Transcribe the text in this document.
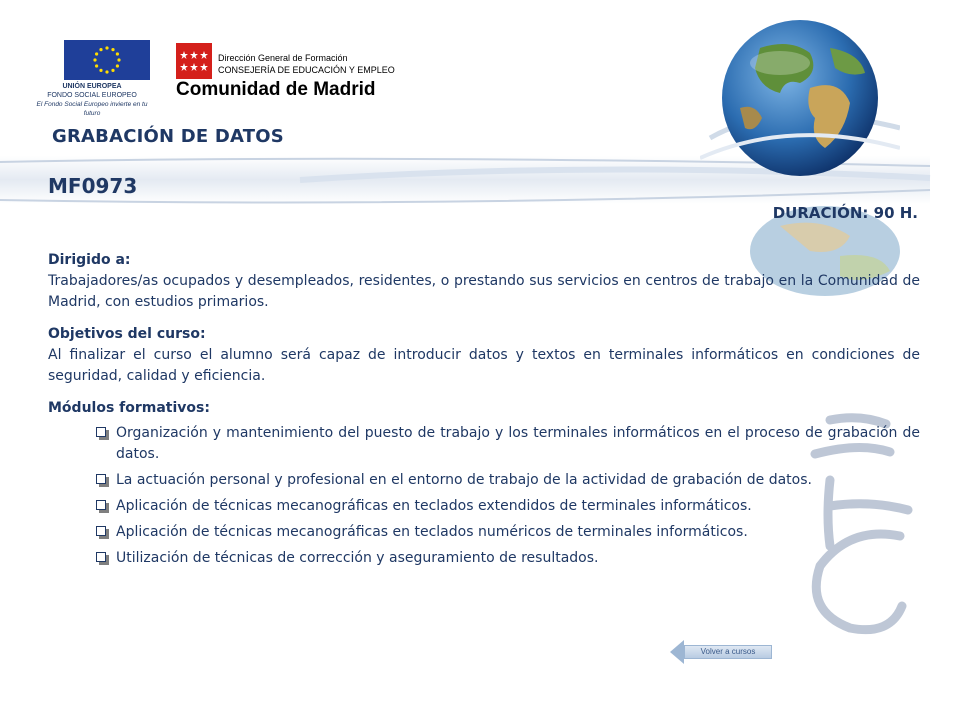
UNIÓN EUROPEA
FONDO SOCIAL EUROPEO
El Fondo Social Europeo invierte en tu futuro
Dirección General de Formación
CONSEJERÍA DE EDUCACIÓN Y EMPLEO
Comunidad de Madrid
GRABACIÓN DE DATOS
MF0973
DURACIÓN: 90 H.
Dirigido a:

Trabajadores/as ocupados y desempleados, residentes, o prestando sus servicios en centros de trabajo en la Comunidad de Madrid, con estudios primarios.

Objetivos del curso:

Al finalizar el curso el alumno será capaz de introducir datos y textos en terminales informáticos en condiciones de seguridad, calidad y eficiencia.

Módulos formativos:
Organización y mantenimiento del puesto de trabajo y los terminales informáticos en el proceso de grabación de datos.
La actuación personal y profesional en el entorno de trabajo de la actividad de grabación de datos.
Aplicación de técnicas mecanográficas en teclados extendidos de terminales informáticos.
Aplicación de técnicas mecanográficas en teclados numéricos de terminales informáticos.
Utilización de técnicas de corrección y aseguramiento de resultados.
Volver a cursos
